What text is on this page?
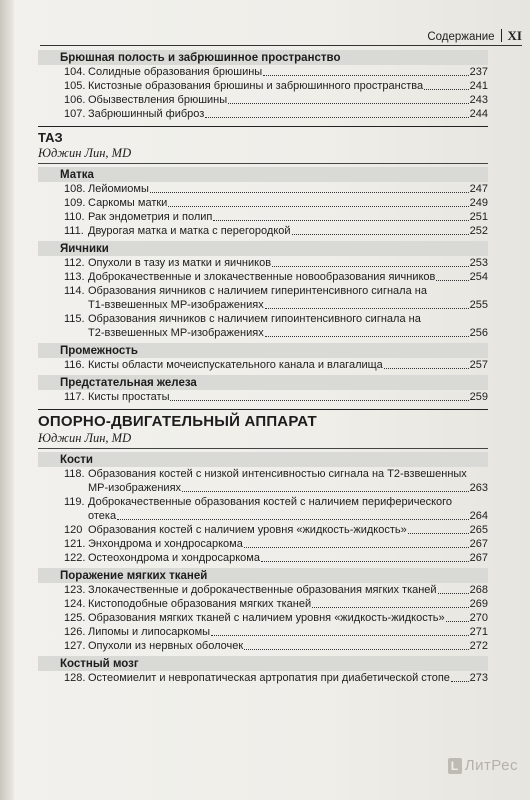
Содержание XI
Брюшная полость и забрюшинное пространство
104. Солидные образования брюшины	237
105. Кистозные образования брюшины и забрюшинного пространства	241
106. Обызвествления брюшины	243
107. Забрюшинный фиброз	244
ТАЗ
Юджин Лин, MD
Матка
108. Лейомиомы	247
109. Саркомы матки	249
110. Рак эндометрия и полип	251
111. Двурогая матка и матка с перегородкой	252
Яичники
112. Опухоли в тазу из матки и яичников	253
113. Доброкачественные и злокачественные новообразования яичников	254
114. Образования яичников с наличием гиперинтенсивного сигнала на
Т1-взвешенных МР-изображениях	255
115. Образования яичников с наличием гипоинтенсивного сигнала на
Т2-взвешенных МР-изображениях	256
Промежность
116. Кисты области мочеиспускательного канала и влагалища	257
Предстательная железа
117. Кисты простаты	259
ОПОРНО-ДВИГАТЕЛЬНЫЙ АППАРАТ
Юджин Лин, MD
Кости
118. Образования костей с низкой интенсивностью сигнала на Т2-взвешенных
МР-изображениях	263
119. Доброкачественные образования костей с наличием периферического
отека	264
120 Образования костей с наличием уровня «жидкость-жидкость»	265
121. Энхондрома и хондросаркома	267
122. Остеохондрома и хондросаркома	267
Поражение мягких тканей
123. Злокачественные и доброкачественные образования мягких тканей	268
124. Кистоподобные образования мягких тканей	269
125. Образования мягких тканей с наличием уровня «жидкость-жидкость» 270
126. Липомы и липосаркомы	271
127. Опухоли из нервных оболочек	272
Костный мозг
128. Остеомиелит и невропатическая артропатия при диабетической стопе 273
L ЛитРес
